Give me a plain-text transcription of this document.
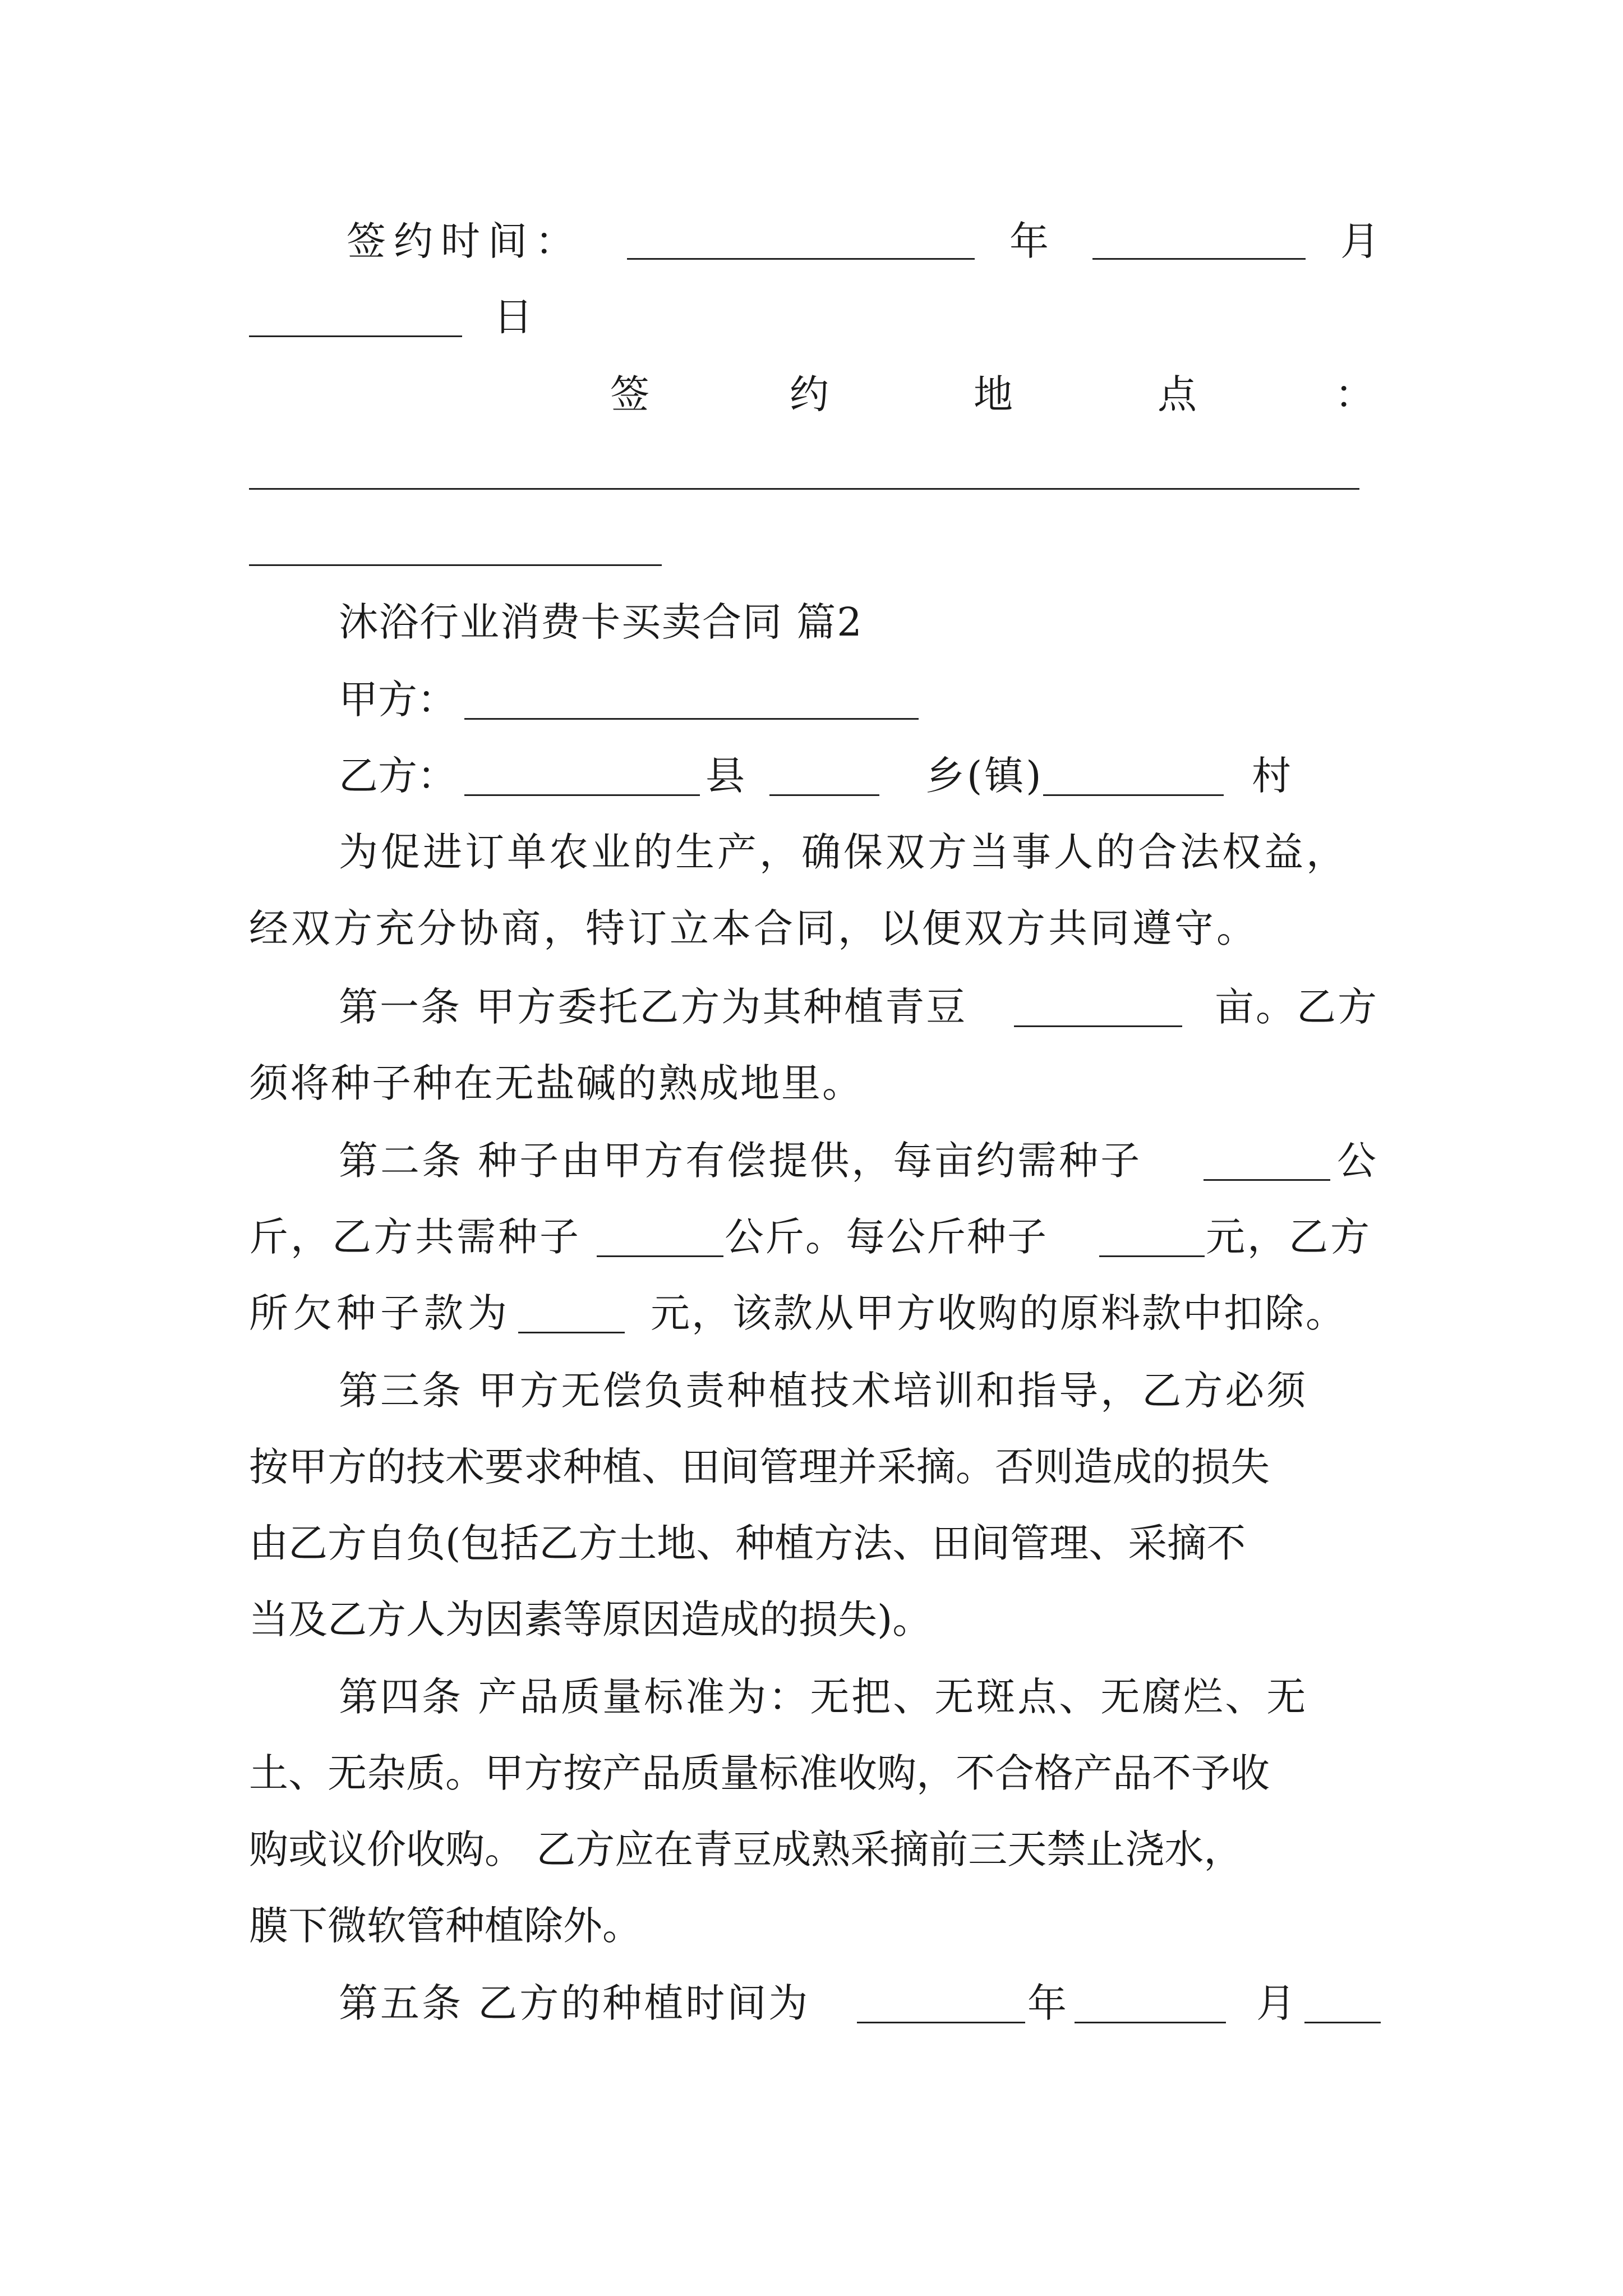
签约时间：	年	月
日
签	约	地	点	：
沐浴行业消费卡买卖合同 篇2
甲方：
乙方：	县	乡(镇)	村
为促进订单农业的生产，确保双方当事人的合法权益，
经双方充分协商，特订立本合同，以便双方共同遵守。
第一条 甲方委托乙方为其种植青豆	亩。乙方
须将种子种在无盐碱的熟成地里。
第二条 种子由甲方有偿提供，每亩约需种子	公
斤，乙方共需种子	公斤。每公斤种子	元，乙方
所欠种子款为	元，该款从甲方收购的原料款中扣除。
第三条 甲方无偿负责种植技术培训和指导，乙方必须
按甲方的技术要求种植、田间管理并采摘。否则造成的损失
由乙方自负(包括乙方土地、种植方法、田间管理、采摘不
当及乙方人为因素等原因造成的损失)。
第四条 产品质量标准为：无把、无斑点、无腐烂、无
土、无杂质。甲方按产品质量标准收购，不合格产品不予收
购或议价收购。 乙方应在青豆成熟采摘前三天禁止浇水，
膜下微软管种植除外。
第五条 乙方的种植时间为	年	月
